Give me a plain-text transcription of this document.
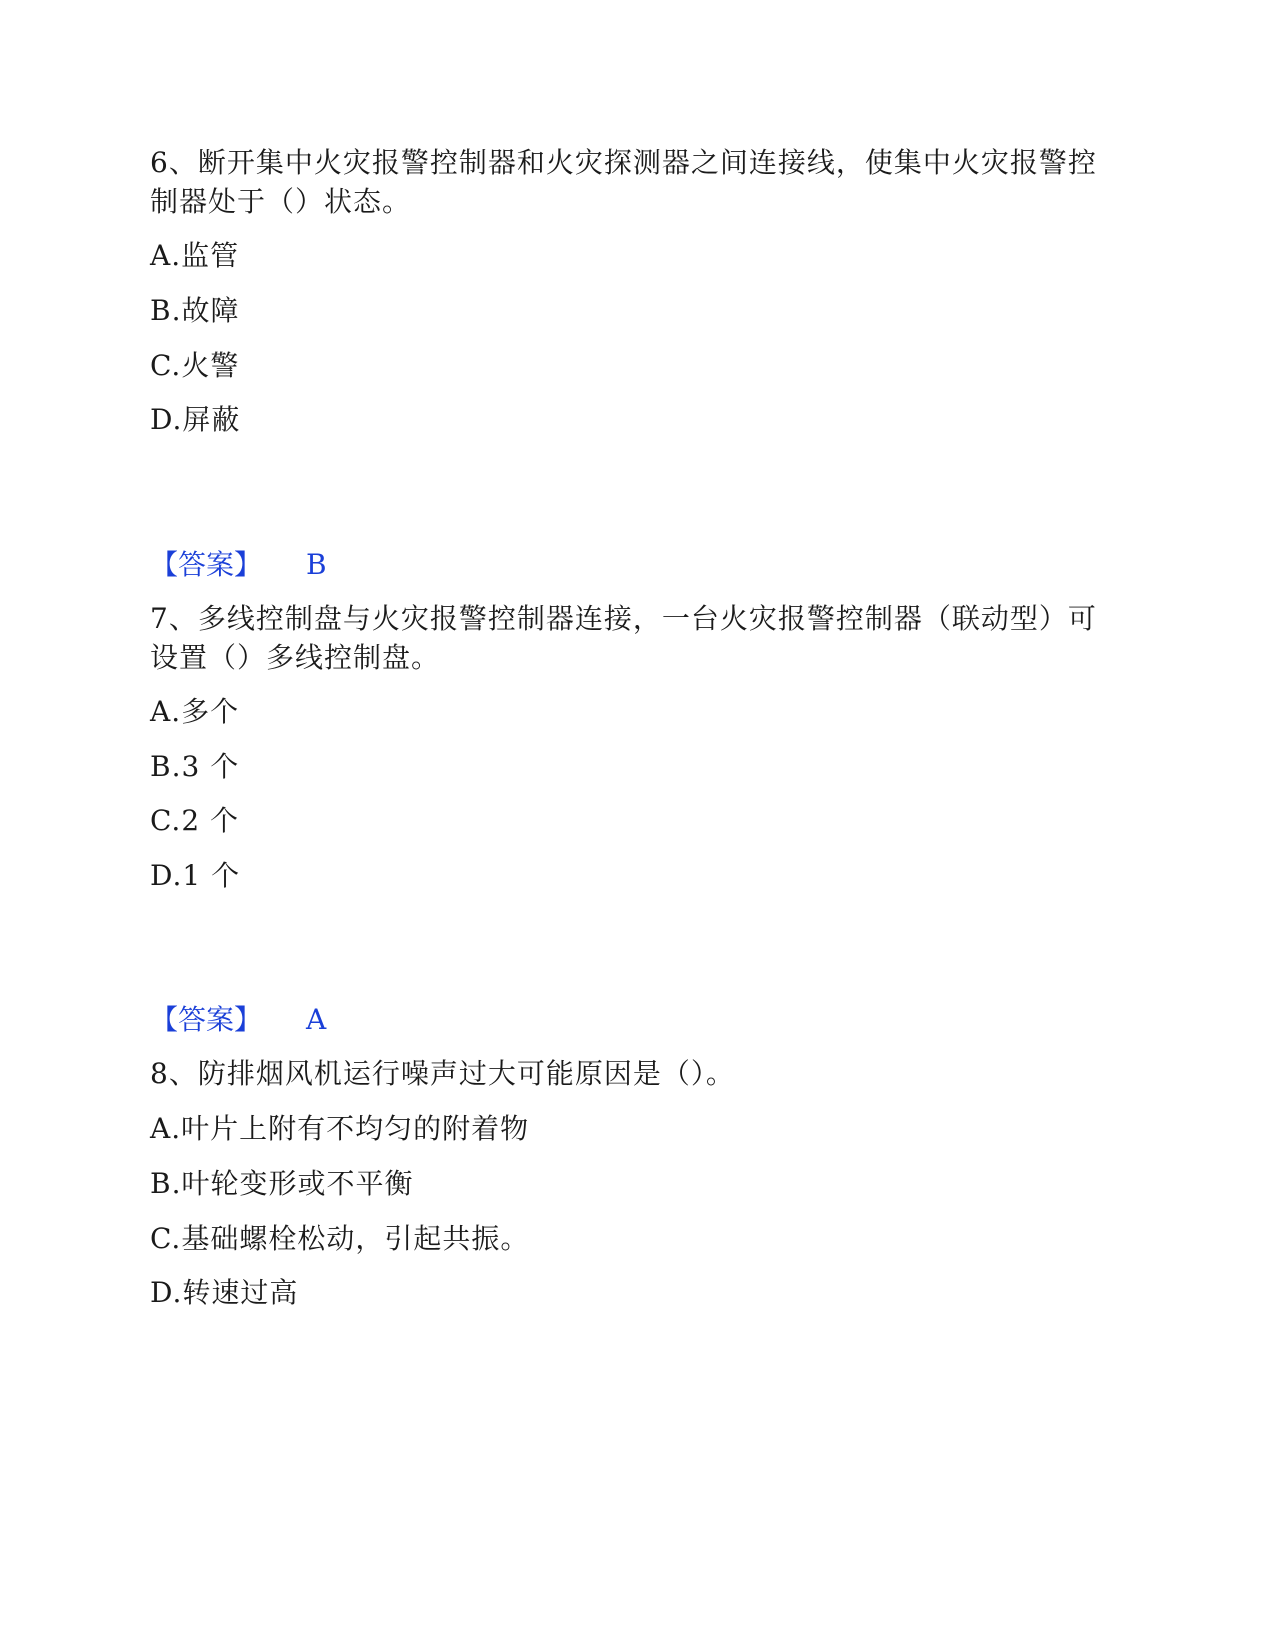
6、断开集中火灾报警控制器和火灾探测器之间连接线，使集中火灾报警控
制器处于（）状态。
A.监管
B.故障
C.火警
D.屏蔽
【答案】 B
7、多线控制盘与火灾报警控制器连接，一台火灾报警控制器（联动型）可
设置（）多线控制盘。
A.多个
B.3 个
C.2 个
D.1 个
【答案】 A
8、防排烟风机运行噪声过大可能原因是（）。
A.叶片上附有不均匀的附着物
B.叶轮变形或不平衡
C.基础螺栓松动，引起共振。
D.转速过高
